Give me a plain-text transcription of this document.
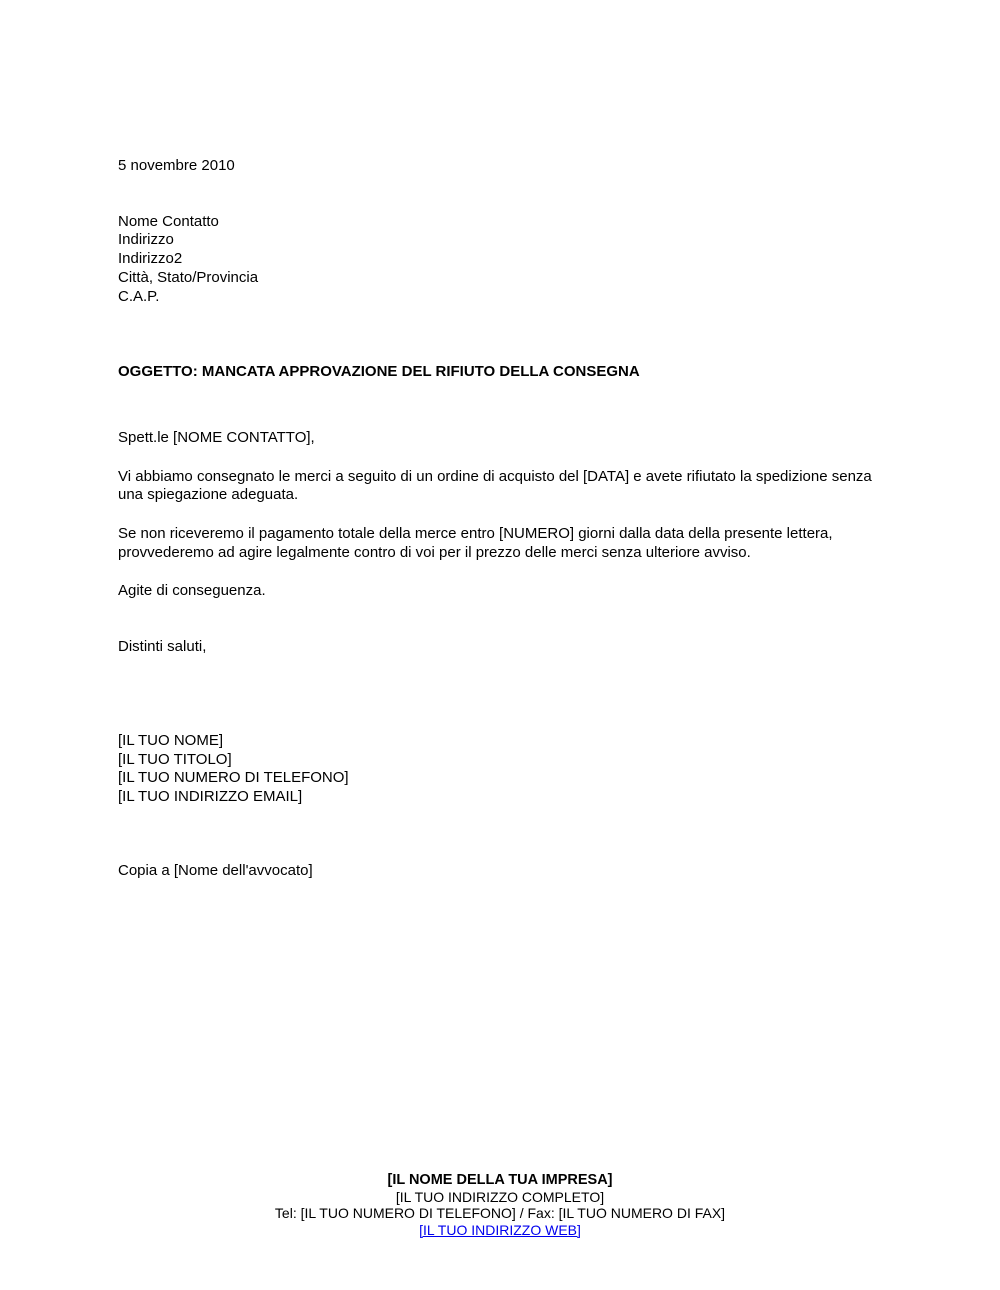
5 novembre 2010

Nome Contatto

Indirizzo

Indirizzo2

Città, Stato/Provincia

C.A.P.

OGGETTO: MANCATA APPROVAZIONE DEL RIFIUTO DELLA CONSEGNA

Spett.le [NOME CONTATTO],

Vi abbiamo consegnato le merci a seguito di un ordine di acquisto del [DATA] e avete rifiutato la spedizione senza una spiegazione adeguata.

Se non riceveremo il pagamento totale della merce entro [NUMERO] giorni dalla data della presente lettera, provvederemo ad agire legalmente contro di voi per il prezzo delle merci senza ulteriore avviso.

Agite di conseguenza.

Distinti saluti,

[IL TUO NOME]

[IL TUO TITOLO]

[IL TUO NUMERO DI TELEFONO]

[IL TUO INDIRIZZO EMAIL]

Copia a [Nome dell'avvocato]

[IL NOME DELLA TUA IMPRESA]

[IL TUO INDIRIZZO COMPLETO]

Tel: [IL TUO NUMERO DI TELEFONO] / Fax: [IL TUO NUMERO DI FAX]

[IL TUO INDIRIZZO WEB]
